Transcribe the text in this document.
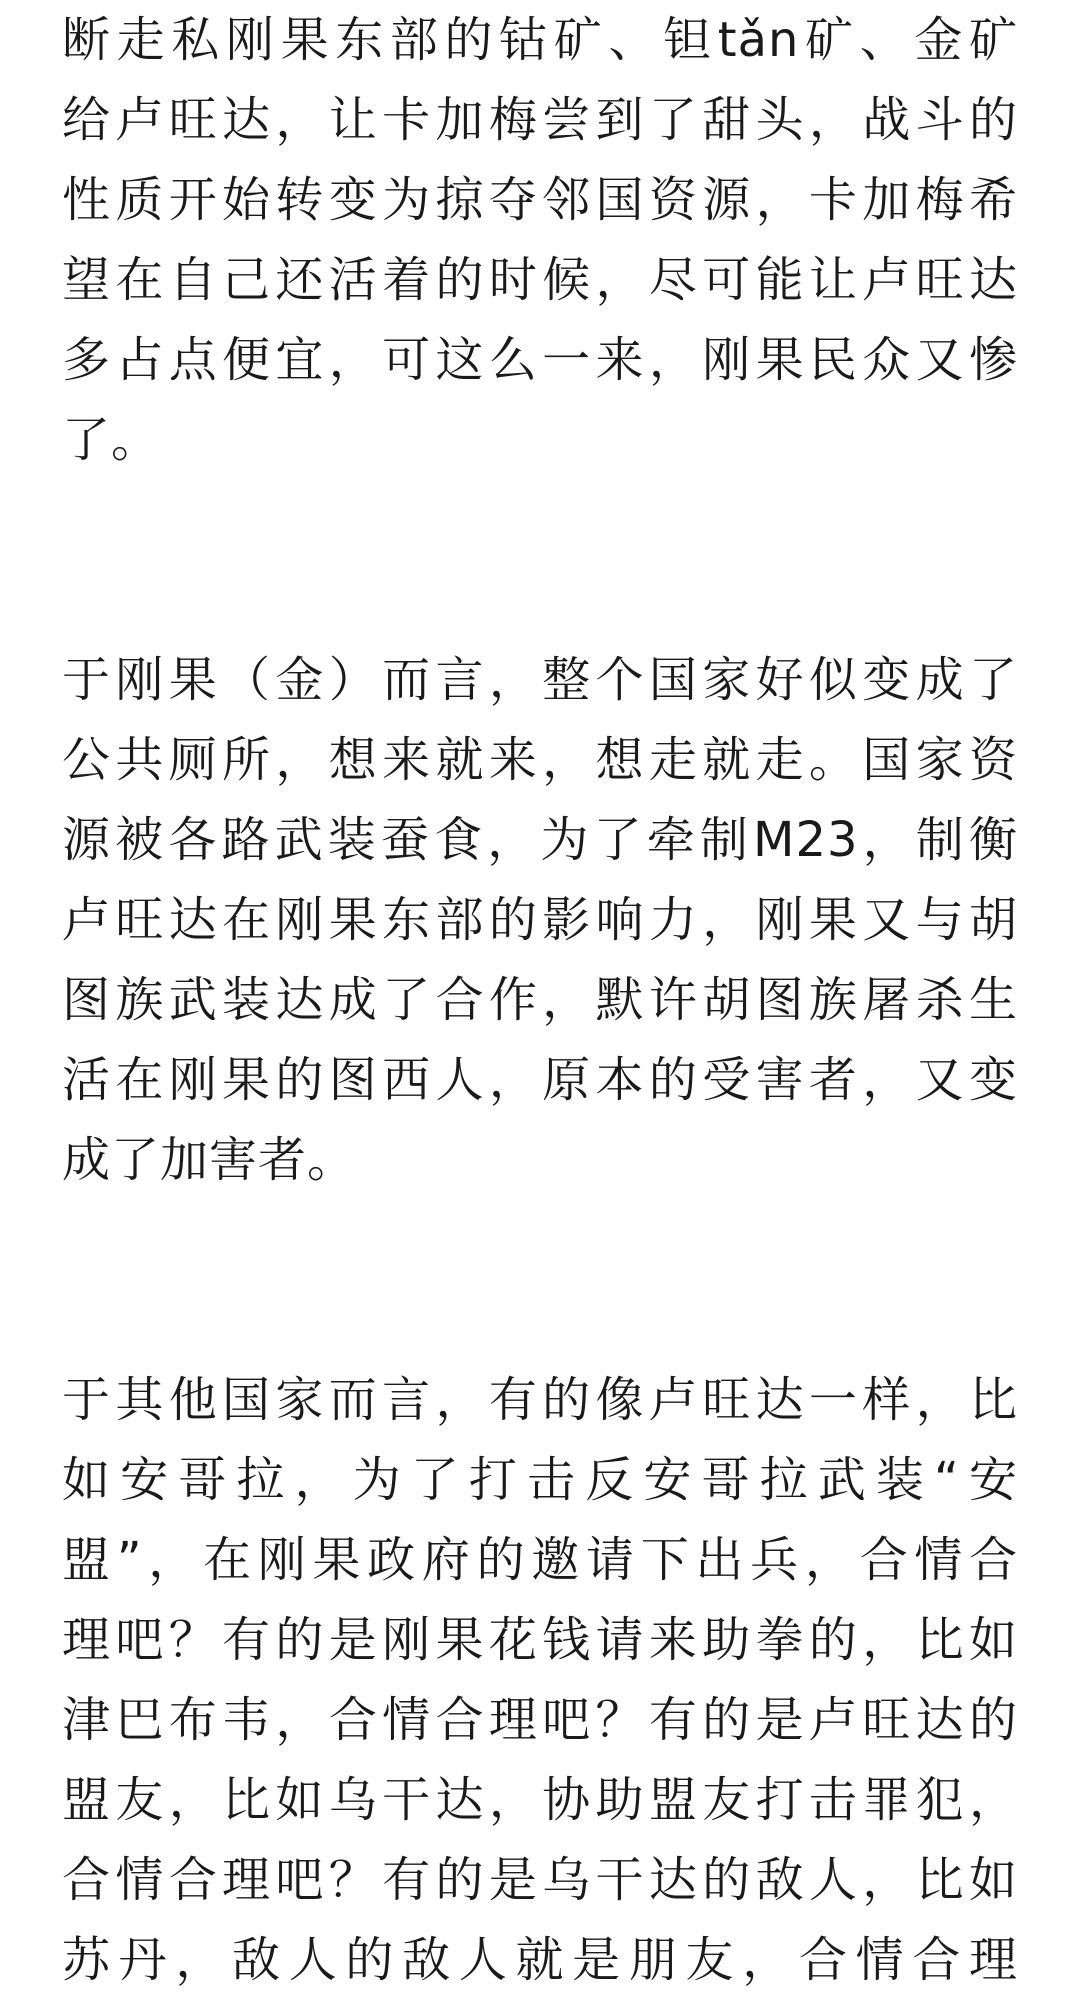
断走私刚果东部的钴矿、钽tǎn矿、金矿
给卢旺达，让卡加梅尝到了甜头，战斗的
性质开始转变为掠夺邻国资源，卡加梅希
望在自己还活着的时候，尽可能让卢旺达
多占点便宜，可这么一来，刚果民众又惨
了。
于刚果（金）而言，整个国家好似变成了
公共厕所，想来就来，想走就走。国家资
源被各路武装蚕食，为了牵制M23，制衡
卢旺达在刚果东部的影响力，刚果又与胡
图族武装达成了合作，默许胡图族屠杀生
活在刚果的图西人，原本的受害者，又变
成了加害者。
于其他国家而言，有的像卢旺达一样，比
如安哥拉，为了打击反安哥拉武装“安
盟”，在刚果政府的邀请下出兵，合情合
理吧？有的是刚果花钱请来助拳的，比如
津巴布韦，合情合理吧？有的是卢旺达的
盟友，比如乌干达，协助盟友打击罪犯，
合情合理吧？有的是乌干达的敌人，比如
苏丹，敌人的敌人就是朋友，合情合理
